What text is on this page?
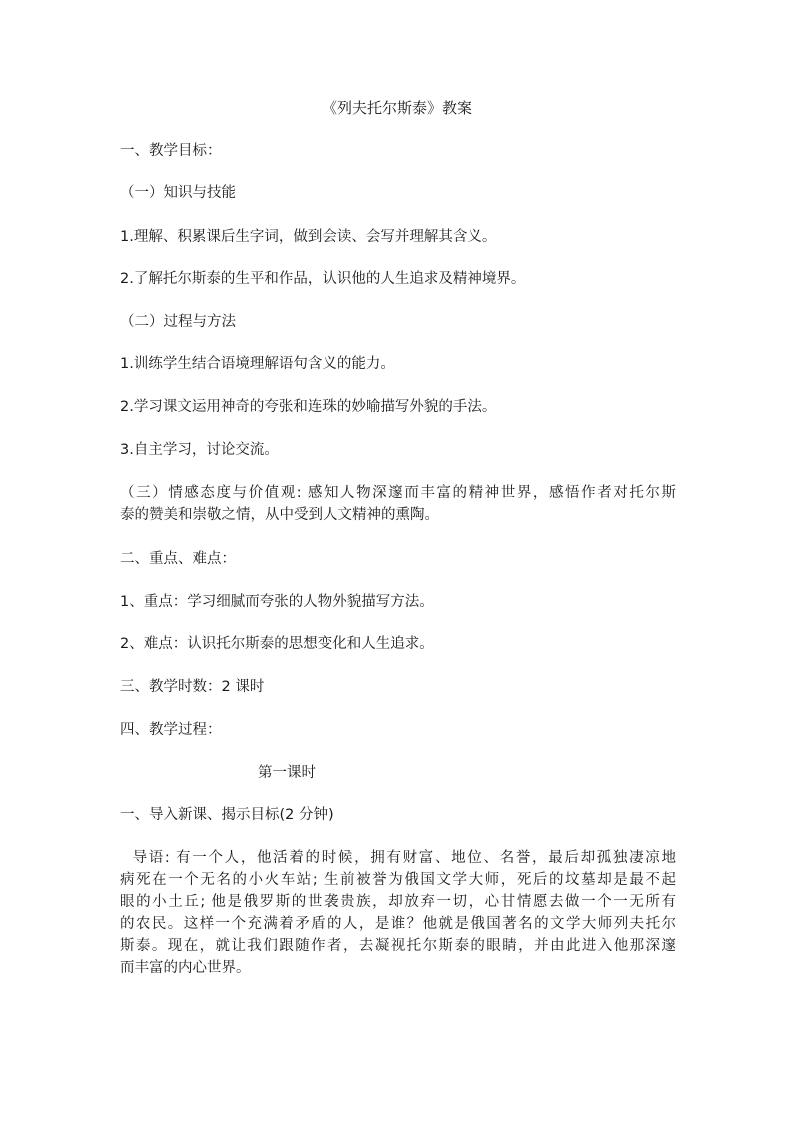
《列夫托尔斯泰》教案
一、教学目标：
（一）知识与技能
1.理解、积累课后生字词，做到会读、会写并理解其含义。
2.了解托尔斯泰的生平和作品，认识他的人生追求及精神境界。
（二）过程与方法
1.训练学生结合语境理解语句含义的能力。
2.学习课文运用神奇的夸张和连珠的妙喻描写外貌的手法。
3.自主学习，讨论交流。
（三）情感态度与价值观: 感知人物深邃而丰富的精神世界，感悟作者对托尔斯
泰的赞美和崇敬之情，从中受到人文精神的熏陶。
二、重点、难点：
1、重点：学习细腻而夸张的人物外貌描写方法。
2、难点：认识托尔斯泰的思想变化和人生追求。
三、教学时数：2 课时
四、教学过程：
第一课时
一、导入新课、揭示目标(2 分钟)
导语: 有一个人，他活着的时候，拥有财富、地位、名誉，最后却孤独凄凉地
病死在一个无名的小火车站; 生前被誉为俄国文学大师，死后的坟墓却是最不起
眼的小土丘; 他是俄罗斯的世袭贵族，却放弃一切，心甘情愿去做一个一无所有
的农民。这样一个充满着矛盾的人，是谁？他就是俄国著名的文学大师列夫托尔
斯泰。现在，就让我们跟随作者，去凝视托尔斯泰的眼睛，并由此进入他那深邃
而丰富的内心世界。
